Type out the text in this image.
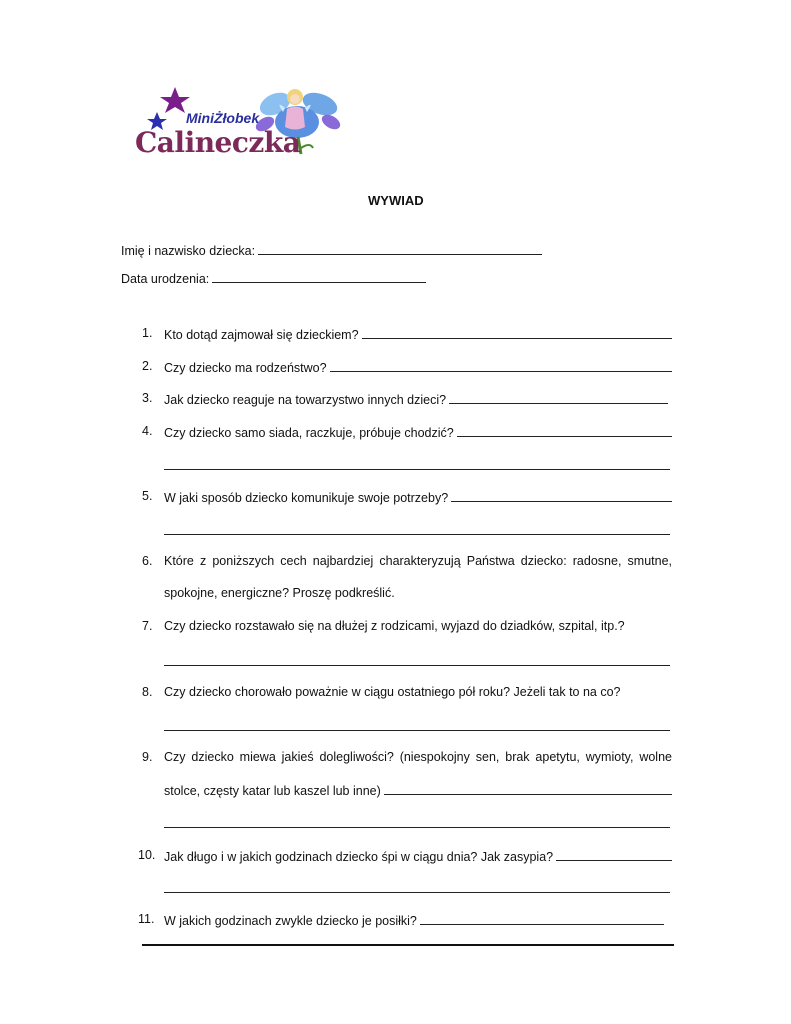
MiniŻłobek
Calineczka
WYWIAD
Imię i nazwisko dziecka:
Data urodzenia:
1. Kto dotąd zajmował się dzieckiem?
2. Czy dziecko ma rodzeństwo?
3. Jak dziecko reaguje na towarzystwo innych dzieci?
4. Czy dziecko samo siada, raczkuje, próbuje chodzić?
5. W jaki sposób dziecko komunikuje swoje potrzeby?
6. Które z poniższych cech najbardziej charakteryzują Państwa dziecko: radosne, smutne,
spokojne, energiczne? Proszę podkreślić.
7. Czy dziecko rozstawało się na dłużej z rodzicami, wyjazd do dziadków, szpital, itp.?
8. Czy dziecko chorowało poważnie w ciągu ostatniego pół roku? Jeżeli tak to na co?
9. Czy dziecko miewa jakieś dolegliwości? (niespokojny sen, brak apetytu, wymioty, wolne
stolce, częsty katar lub kaszel lub inne)
10. Jak długo i w jakich godzinach dziecko śpi w ciągu dnia? Jak zasypia?
11. W jakich godzinach zwykle dziecko je posiłki?
